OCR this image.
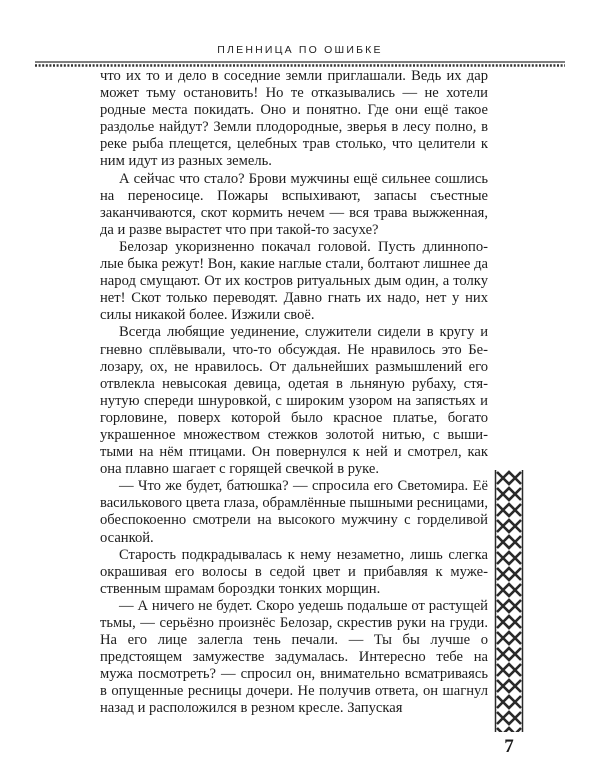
ПЛЕННИЦА ПО ОШИБКЕ

что их то и дело в соседние земли приглашали. Ведь их дар может тьму остановить! Но те отказывались — не хотели родные места покидать. Оно и понятно. Где они ещё такое раздолье найдут? Земли плодородные, зверья в лесу полно, в реке рыба плещется, целебных трав столько, что целители к ним идут из разных земель.

А сейчас что стало? Брови мужчины ещё сильнее сошлись на переносице. Пожары вспыхивают, запасы съестные заканчиваются, скот кормить нечем — вся трава выжженная, да и разве вырастет что при такой-то засухе?

Белозар укоризненно покачал головой. Пусть длиннополые быка режут! Вон, какие наглые стали, болтают лишнее да народ смущают. От их костров ритуальных дым один, а толку нет! Скот только переводят. Давно гнать их надо, нет у них силы никакой более. Изжили своё.

Всегда любящие уединение, служители сидели в кругу и гневно сплёвывали, что-то обсуждая. Не нравилось это Белозару, ох, не нравилось. От дальнейших размышлений его отвлекла невысокая девица, одетая в льняную рубаху, стянутую спереди шнуровкой, с широким узором на запястьях и горловине, поверх которой было красное платье, богато украшенное множеством стежков золотой нитью, с вышитыми на нём птицами. Он повернулся к ней и смотрел, как она плавно шагает с горящей свечкой в руке.

— Что же будет, батюшка? — спросила его Светомира. Её василькового цвета глаза, обрамлённые пышными ресницами, обеспокоенно смотрели на высокого мужчину с горделивой осанкой.

Старость подкрадывалась к нему незаметно, лишь слегка окрашивая его волосы в седой цвет и прибавляя к мужественным шрамам бороздки тонких морщин.

— А ничего не будет. Скоро уедешь подальше от растущей тьмы, — серьёзно произнёс Белозар, скрестив руки на груди. На его лице залегла тень печали. — Ты бы лучше о предстоящем замужестве задумалась. Интересно тебе на мужа посмотреть? — спросил он, внимательно всматриваясь в опущенные ресницы дочери. Не получив ответа, он шагнул назад и расположился в резном кресле. Запуская

7
